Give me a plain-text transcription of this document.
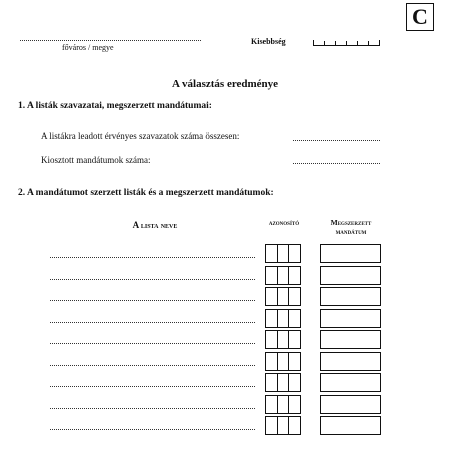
C
főváros / megye
Kisebbség
A választás eredménye
1. A listák szavazatai, megszerzett mandátumai:
A listákra leadott érvényes szavazatok száma összesen:
Kiosztott mandátumok száma:
2. A mandátumot szerzett listák és a megszerzett mandátumok:
A lista neve	azonosító	Megszerzett
mandátum
